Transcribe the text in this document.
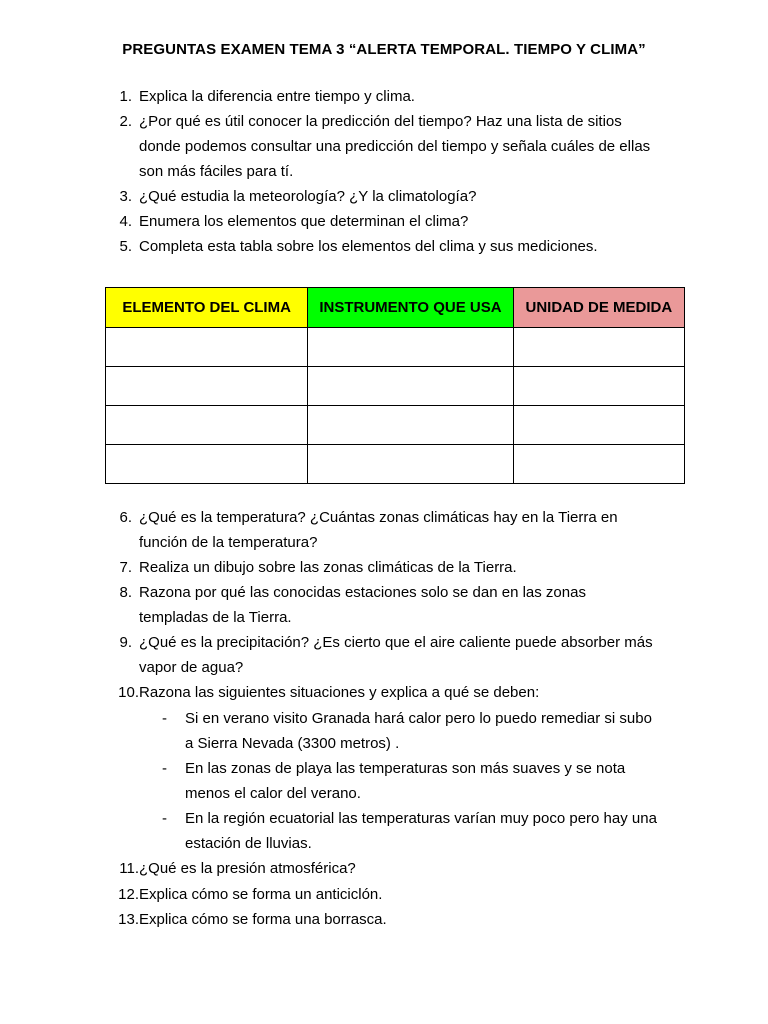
PREGUNTAS EXAMEN TEMA 3 “ALERTA TEMPORAL. TIEMPO Y CLIMA”
1. Explica la diferencia entre tiempo y clima.
2. ¿Por qué es útil conocer la predicción del tiempo? Haz una lista de sitios
donde podemos consultar una predicción del tiempo y señala cuáles de ellas
son más fáciles para tí.
3. ¿Qué estudia la meteorología? ¿Y la climatología?
4. Enumera los elementos que determinan el clima?
5. Completa esta tabla sobre los elementos del clima y sus mediciones.
ELEMENTO DEL CLIMA	INSTRUMENTO QUE USA	UNIDAD DE MEDIDA

6. ¿Qué es la temperatura? ¿Cuántas zonas climáticas hay en la Tierra en
función de la temperatura?
7. Realiza un dibujo sobre las zonas climáticas de la Tierra.
8. Razona por qué las conocidas estaciones solo se dan en las zonas
templadas de la Tierra.
9. ¿Qué es la precipitación? ¿Es cierto que el aire caliente puede absorber más
vapor de agua?
10. Razona las siguientes situaciones y explica a qué se deben:
- Si en verano visito Granada hará calor pero lo puedo remediar si subo
a Sierra Nevada (3300 metros) .
- En las zonas de playa las temperaturas son más suaves y se nota
menos el calor del verano.
- En la región ecuatorial las temperaturas varían muy poco pero hay una
estación de lluvias.
11. ¿Qué es la presión atmosférica?
12. Explica cómo se forma un anticiclón.
13. Explica cómo se forma una borrasca.
